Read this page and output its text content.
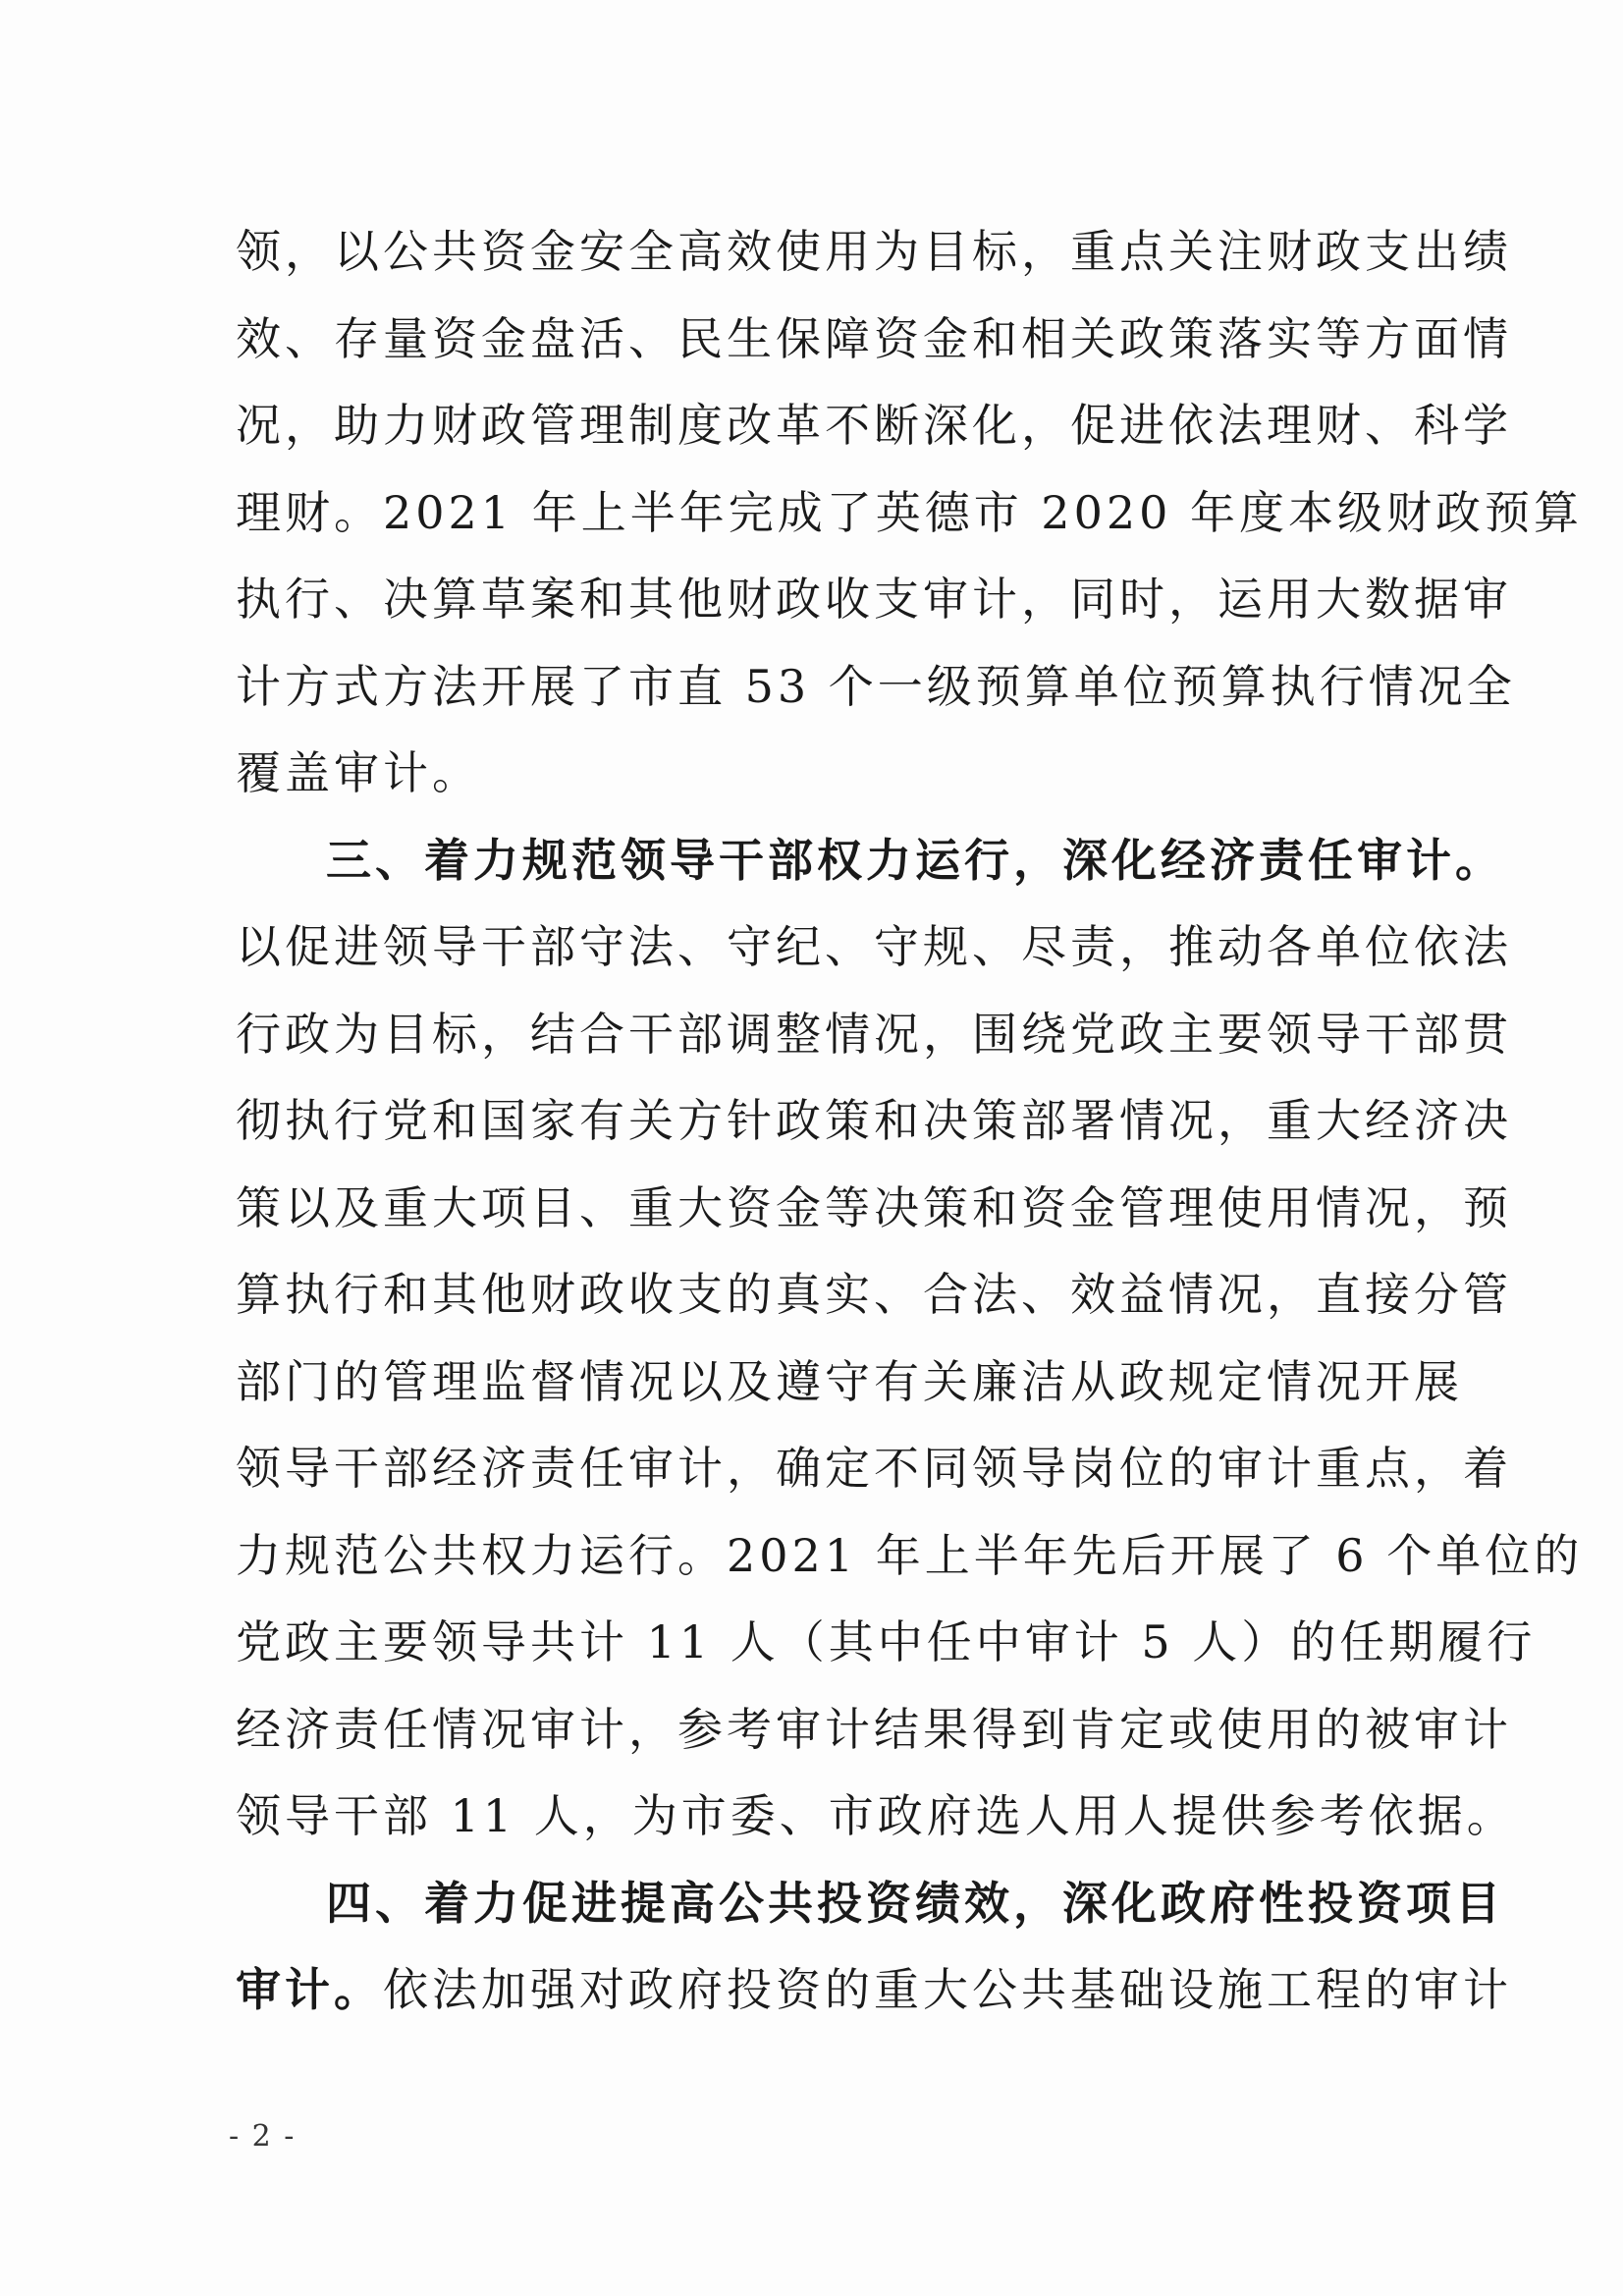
领，以公共资金安全高效使用为目标，重点关注财政支出绩
效、存量资金盘活、民生保障资金和相关政策落实等方面情
况，助力财政管理制度改革不断深化，促进依法理财、科学
理财。2021 年上半年完成了英德市 2020 年度本级财政预算
执行、决算草案和其他财政收支审计，同时，运用大数据审
计方式方法开展了市直 53 个一级预算单位预算执行情况全
覆盖审计。
三、着力规范领导干部权力运行，深化经济责任审计。
以促进领导干部守法、守纪、守规、尽责，推动各单位依法
行政为目标，结合干部调整情况，围绕党政主要领导干部贯
彻执行党和国家有关方针政策和决策部署情况，重大经济决
策以及重大项目、重大资金等决策和资金管理使用情况，预
算执行和其他财政收支的真实、合法、效益情况，直接分管
部门的管理监督情况以及遵守有关廉洁从政规定情况开展
领导干部经济责任审计，确定不同领导岗位的审计重点，着
力规范公共权力运行。2021 年上半年先后开展了 6 个单位的
党政主要领导共计 11 人（其中任中审计 5 人）的任期履行
经济责任情况审计，参考审计结果得到肯定或使用的被审计
领导干部 11 人，为市委、市政府选人用人提供参考依据。
四、着力促进提高公共投资绩效，深化政府性投资项目
审计。依法加强对政府投资的重大公共基础设施工程的审计
- 2 -
